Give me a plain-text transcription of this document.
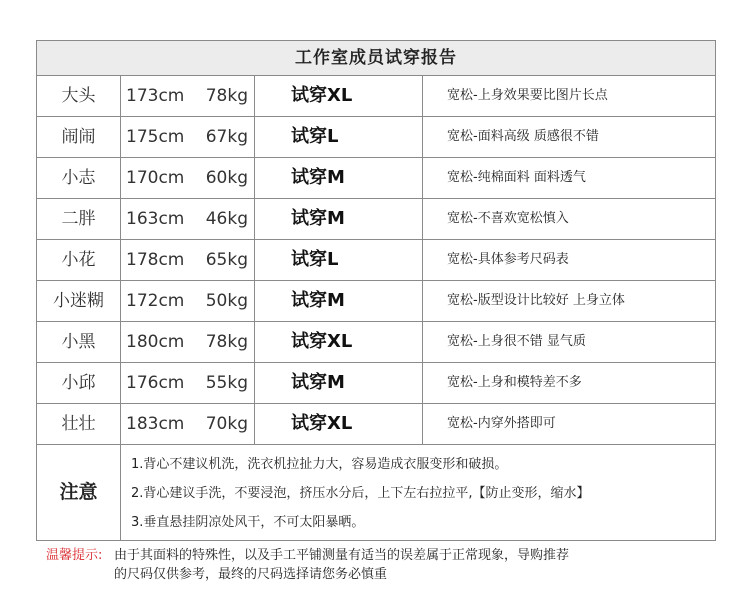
工作室成员试穿报告
大头	173cm 78kg	试穿XL	宽松-上身效果要比图片长点
闹闹	175cm 67kg	试穿L	宽松-面料高级 质感很不错
小志	170cm 60kg	试穿M	宽松-纯棉面料 面料透气
二胖	163cm 46kg	试穿M	宽松-不喜欢宽松慎入
小花	178cm 65kg	试穿L	宽松-具体参考尺码表
小迷糊	172cm 50kg	试穿M	宽松-版型设计比较好 上身立体
小黑	180cm 78kg	试穿XL	宽松-上身很不错 显气质
小邱	176cm 55kg	试穿M	宽松-上身和模特差不多
壮壮	183cm 70kg	试穿XL	宽松-内穿外搭即可
注意
1.背心不建议机洗，洗衣机拉扯力大，容易造成衣服变形和破损。
2.背心建议手洗，不要浸泡，挤压水分后，上下左右拉拉平,【防止变形，缩水】
3.垂直悬挂阴凉处风干，不可太阳暴晒。
温馨提示: 由于其面料的特殊性，以及手工平铺测量有适当的误差属于正常现象，导购推荐
的尺码仅供参考，最终的尺码选择请您务必慎重
